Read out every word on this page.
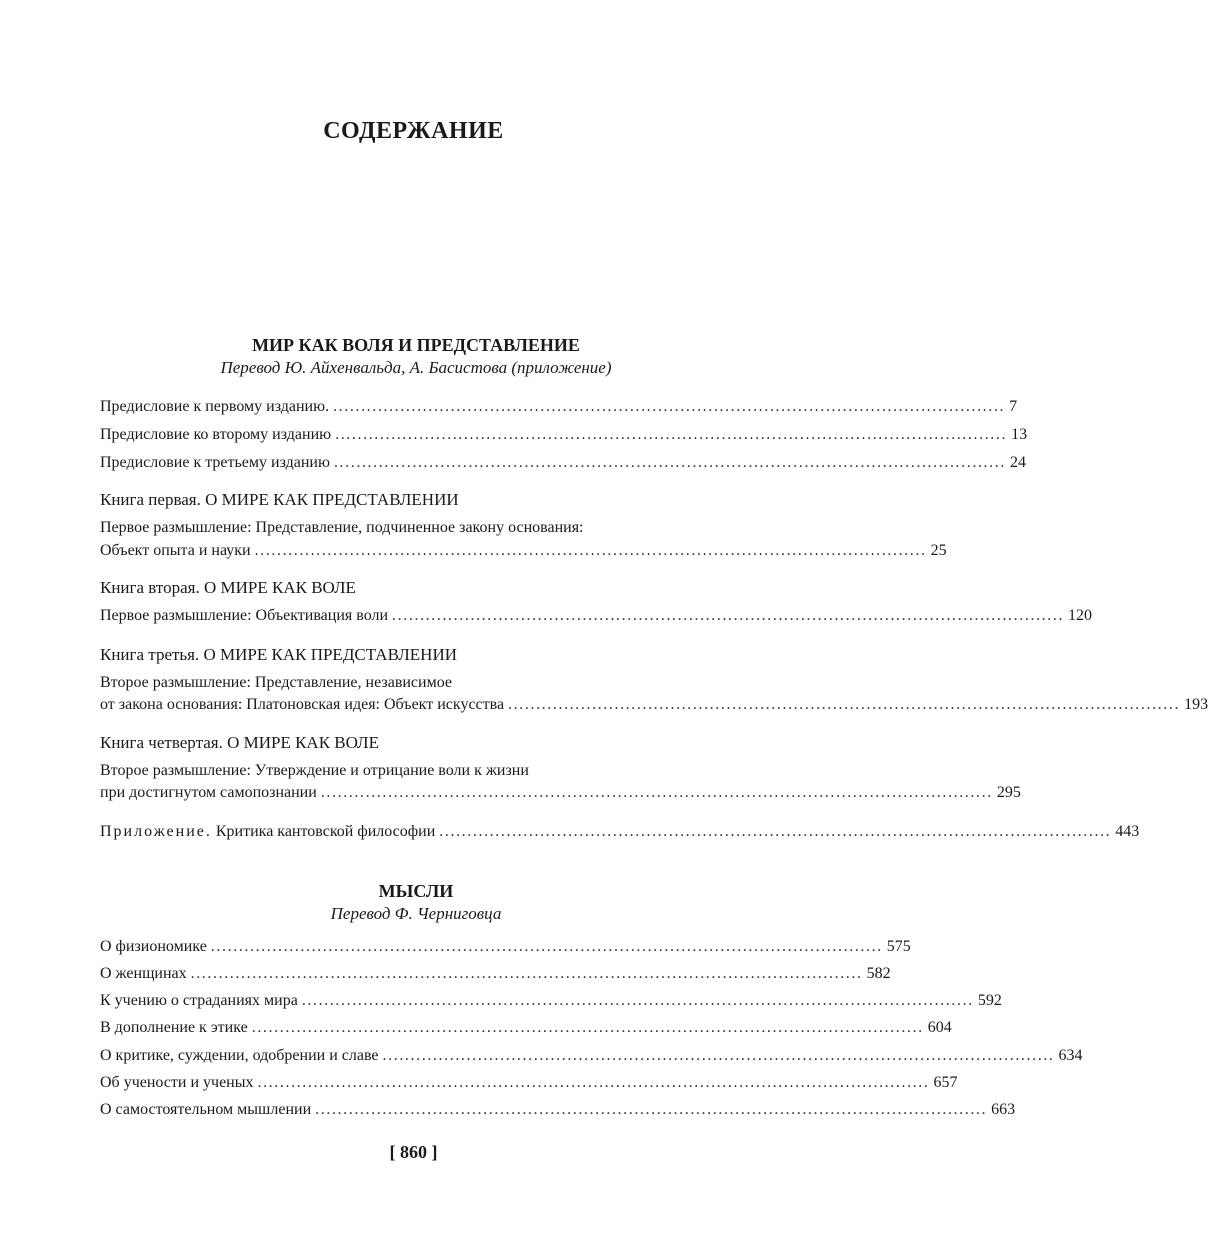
СОДЕРЖАНИЕ
МИР КАК ВОЛЯ И ПРЕДСТАВЛЕНИЕ
Перевод Ю. Айхенвальда, А. Басистова (приложение)
Предисловие к первому изданию. ........................................................................................................................ 7
Предисловие ко второму изданию ........................................................................................................................ 13
Предисловие к третьему изданию ........................................................................................................................ 24
Книга первая. О МИРЕ КАК ПРЕДСТАВЛЕНИИ
Первое размышление: Представление, подчиненное закону основания:
Объект опыта и науки ........................................................................................................................ 25
Книга вторая. О МИРЕ КАК ВОЛЕ
Первое размышление: Объективация воли ........................................................................................................................ 120
Книга третья. О МИРЕ КАК ПРЕДСТАВЛЕНИИ
Второе размышление: Представление, независимое
от закона основания: Платоновская идея: Объект искусства ........................................................................................................................ 193
Книга четвертая. О МИРЕ КАК ВОЛЕ
Второе размышление: Утверждение и отрицание воли к жизни
при достигнутом самопознании ........................................................................................................................ 295
Приложение. Критика кантовской философии ........................................................................................................................ 443
МЫСЛИ
Перевод Ф. Черниговца
О физиономике ........................................................................................................................ 575
О женщинах ........................................................................................................................ 582
К учению о страданиях мира ........................................................................................................................ 592
В дополнение к этике ........................................................................................................................ 604
О критике, суждении, одобрении и славе ........................................................................................................................ 634
Об учености и ученых ........................................................................................................................ 657
О самостоятельном мышлении ........................................................................................................................ 663
[ 860 ]
